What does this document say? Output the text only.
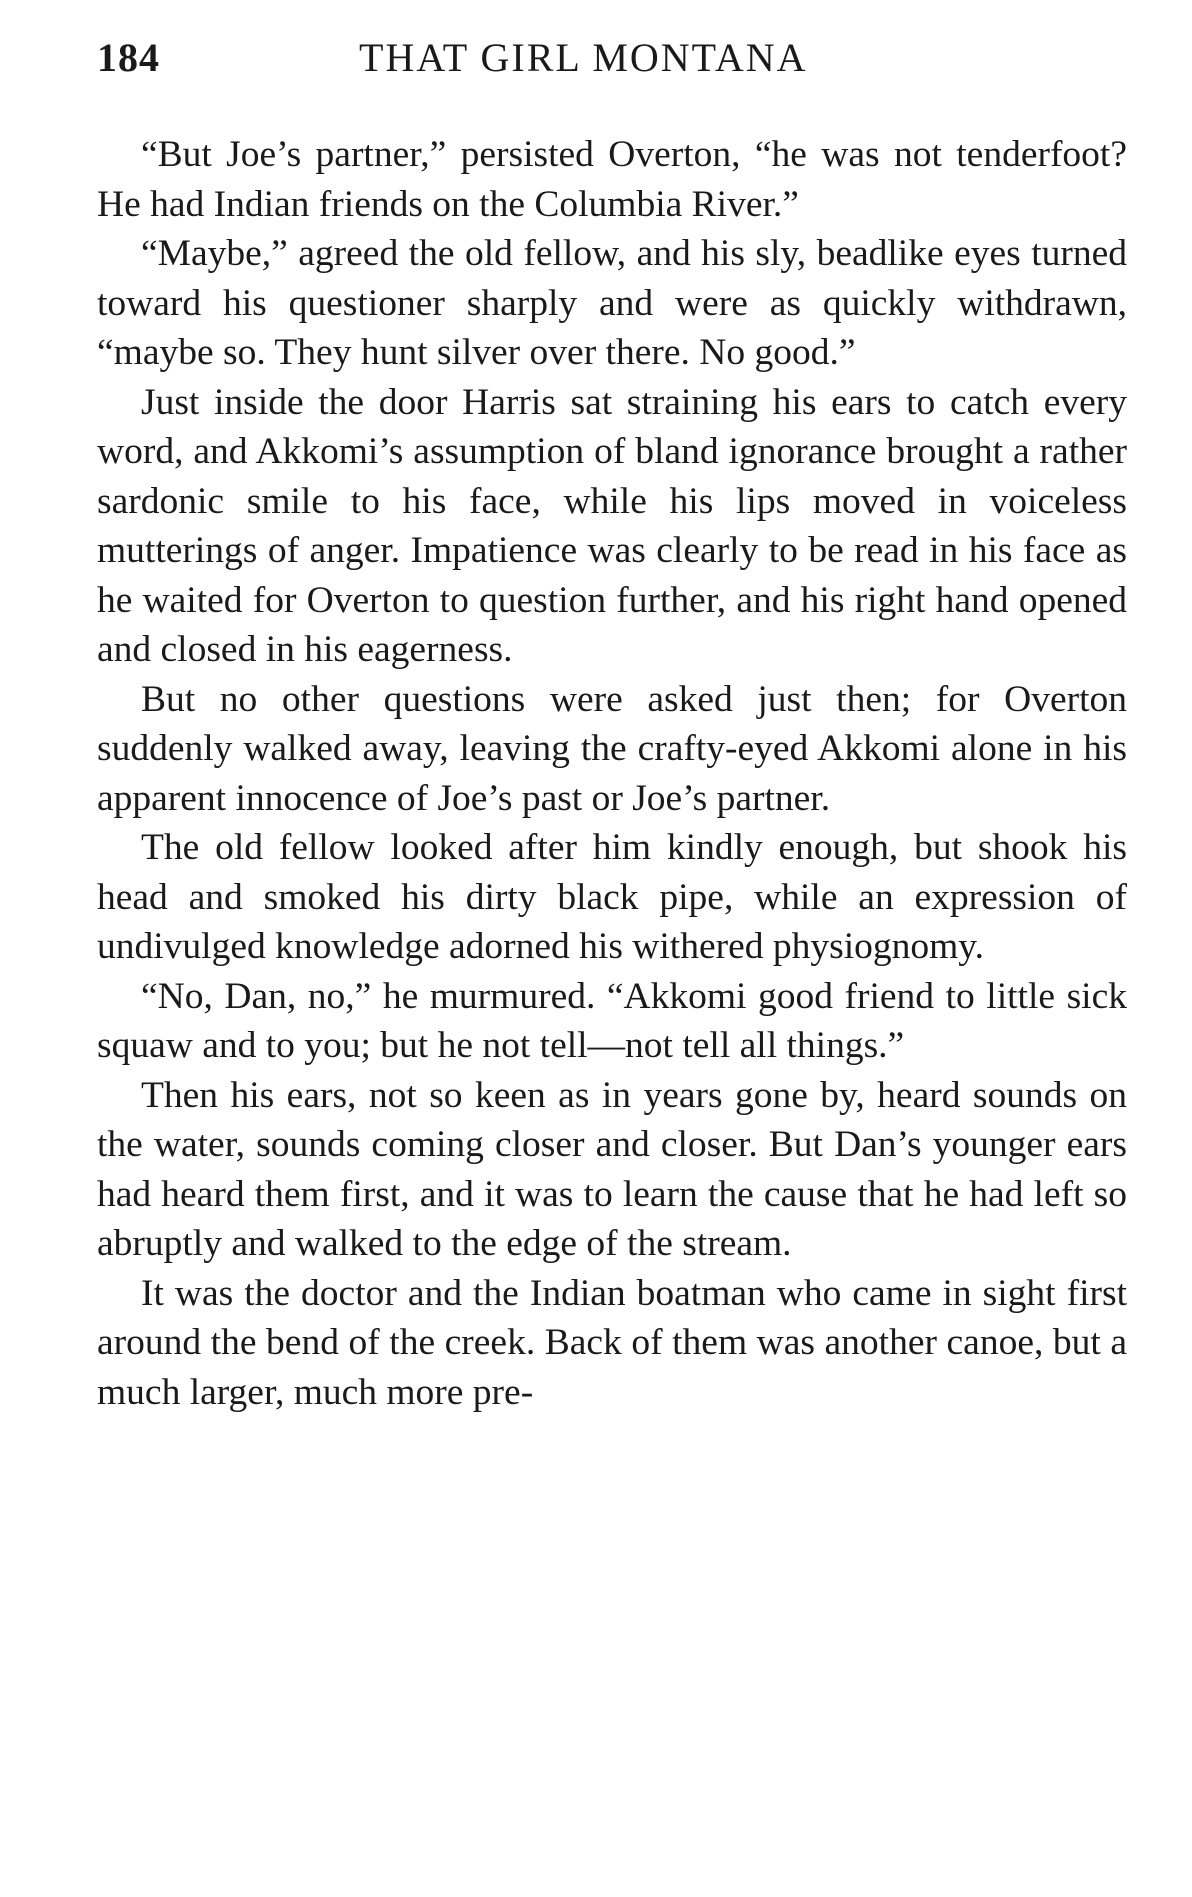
184	THAT GIRL MONTANA

“But Joe’s partner,” persisted Overton, “he was not tenderfoot? He had Indian friends on the Columbia River.”

“Maybe,” agreed the old fellow, and his sly, beadlike eyes turned toward his questioner sharply and were as quickly withdrawn, “maybe so. They hunt silver over there. No good.”

Just inside the door Harris sat straining his ears to catch every word, and Akkomi’s assumption of bland ignorance brought a rather sardonic smile to his face, while his lips moved in voiceless mutterings of anger. Impatience was clearly to be read in his face as he waited for Overton to question further, and his right hand opened and closed in his eagerness.

But no other questions were asked just then; for Overton suddenly walked away, leaving the crafty-eyed Akkomi alone in his apparent innocence of Joe’s past or Joe’s partner.

The old fellow looked after him kindly enough, but shook his head and smoked his dirty black pipe, while an expression of undivulged knowledge adorned his withered physiognomy.

“No, Dan, no,” he murmured. “Akkomi good friend to little sick squaw and to you; but he not tell—not tell all things.”

Then his ears, not so keen as in years gone by, heard sounds on the water, sounds coming closer and closer. But Dan’s younger ears had heard them first, and it was to learn the cause that he had left so abruptly and walked to the edge of the stream.

It was the doctor and the Indian boatman who came in sight first around the bend of the creek. Back of them was another canoe, but a much larger, much more pre-
